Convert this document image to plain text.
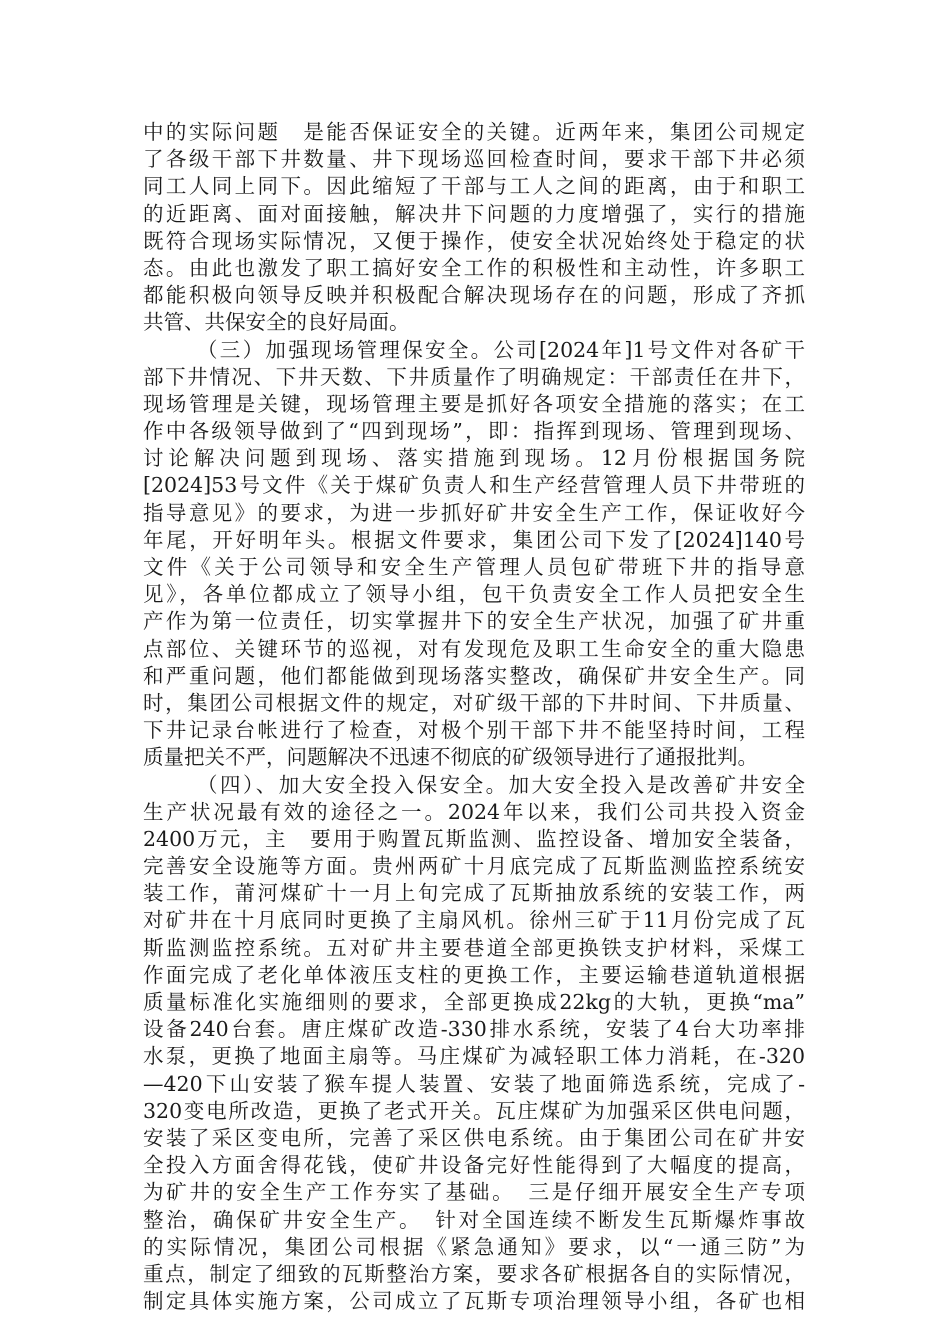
中的实际问题　是能否保证安全的关键。近两年来，集团公司规定
了各级干部下井数量、井下现场巡回检查时间，要求干部下井必须
同工人同上同下。因此缩短了干部与工人之间的距离，由于和职工
的近距离、面对面接触，解决井下问题的力度增强了，实行的措施
既符合现场实际情况，又便于操作，使安全状况始终处于稳定的状
态。由此也激发了职工搞好安全工作的积极性和主动性，许多职工
都能积极向领导反映并积极配合解决现场存在的问题，形成了齐抓
共管、共保安全的良好局面。
（三）加强现场管理保安全。公司[2024年]1号文件对各矿干
部下井情况、下井天数、下井质量作了明确规定：干部责任在井下，
现场管理是关键，现场管理主要是抓好各项安全措施的落实；在工
作中各级领导做到了“四到现场”，即：指挥到现场、管理到现场、
讨论解决问题到现场、落实措施到现场。12月份根据国务院
[2024]53号文件《关于煤矿负责人和生产经营管理人员下井带班的
指导意见》的要求，为进一步抓好矿井安全生产工作，保证收好今
年尾，开好明年头。根据文件要求，集团公司下发了[2024]140号
文件《关于公司领导和安全生产管理人员包矿带班下井的指导意
见》，各单位都成立了领导小组，包干负责安全工作人员把安全生
产作为第一位责任，切实掌握井下的安全生产状况，加强了矿井重
点部位、关键环节的巡视，对有发现危及职工生命安全的重大隐患
和严重问题，他们都能做到现场落实整改，确保矿井安全生产。同
时，集团公司根据文件的规定，对矿级干部的下井时间、下井质量、
下井记录台帐进行了检查，对极个别干部下井不能坚持时间，工程
质量把关不严，问题解决不迅速不彻底的矿级领导进行了通报批判。
（四）、加大安全投入保安全。加大安全投入是改善矿井安全
生产状况最有效的途径之一。2024年以来，我们公司共投入资金
2400万元，主　要用于购置瓦斯监测、监控设备、增加安全装备，
完善安全设施等方面。贵州两矿十月底完成了瓦斯监测监控系统安
装工作，莆河煤矿十一月上旬完成了瓦斯抽放系统的安装工作，两
对矿井在十月底同时更换了主扇风机。徐州三矿于11月份完成了瓦
斯监测监控系统。五对矿井主要巷道全部更换铁支护材料，采煤工
作面完成了老化单体液压支柱的更换工作，主要运输巷道轨道根据
质量标准化实施细则的要求，全部更换成22kg的大轨，更换“ma”
设备240台套。唐庄煤矿改造-330排水系统，安装了4台大功率排
水泵，更换了地面主扇等。马庄煤矿为减轻职工体力消耗，在-320
—420下山安装了猴车提人装置、安装了地面筛选系统，完成了-
320变电所改造，更换了老式开关。瓦庄煤矿为加强采区供电问题，
安装了采区变电所，完善了采区供电系统。由于集团公司在矿井安
全投入方面舍得花钱，使矿井设备完好性能得到了大幅度的提高，
为矿井的安全生产工作夯实了基础。　三是仔细开展安全生产专项
整治，确保矿井安全生产。　针对全国连续不断发生瓦斯爆炸事故
的实际情况，集团公司根据《紧急通知》要求，以“一通三防”为
重点，制定了细致的瓦斯整治方案，要求各矿根据各自的实际情况，
制定具体实施方案，公司成立了瓦斯专项治理领导小组，各矿也相
